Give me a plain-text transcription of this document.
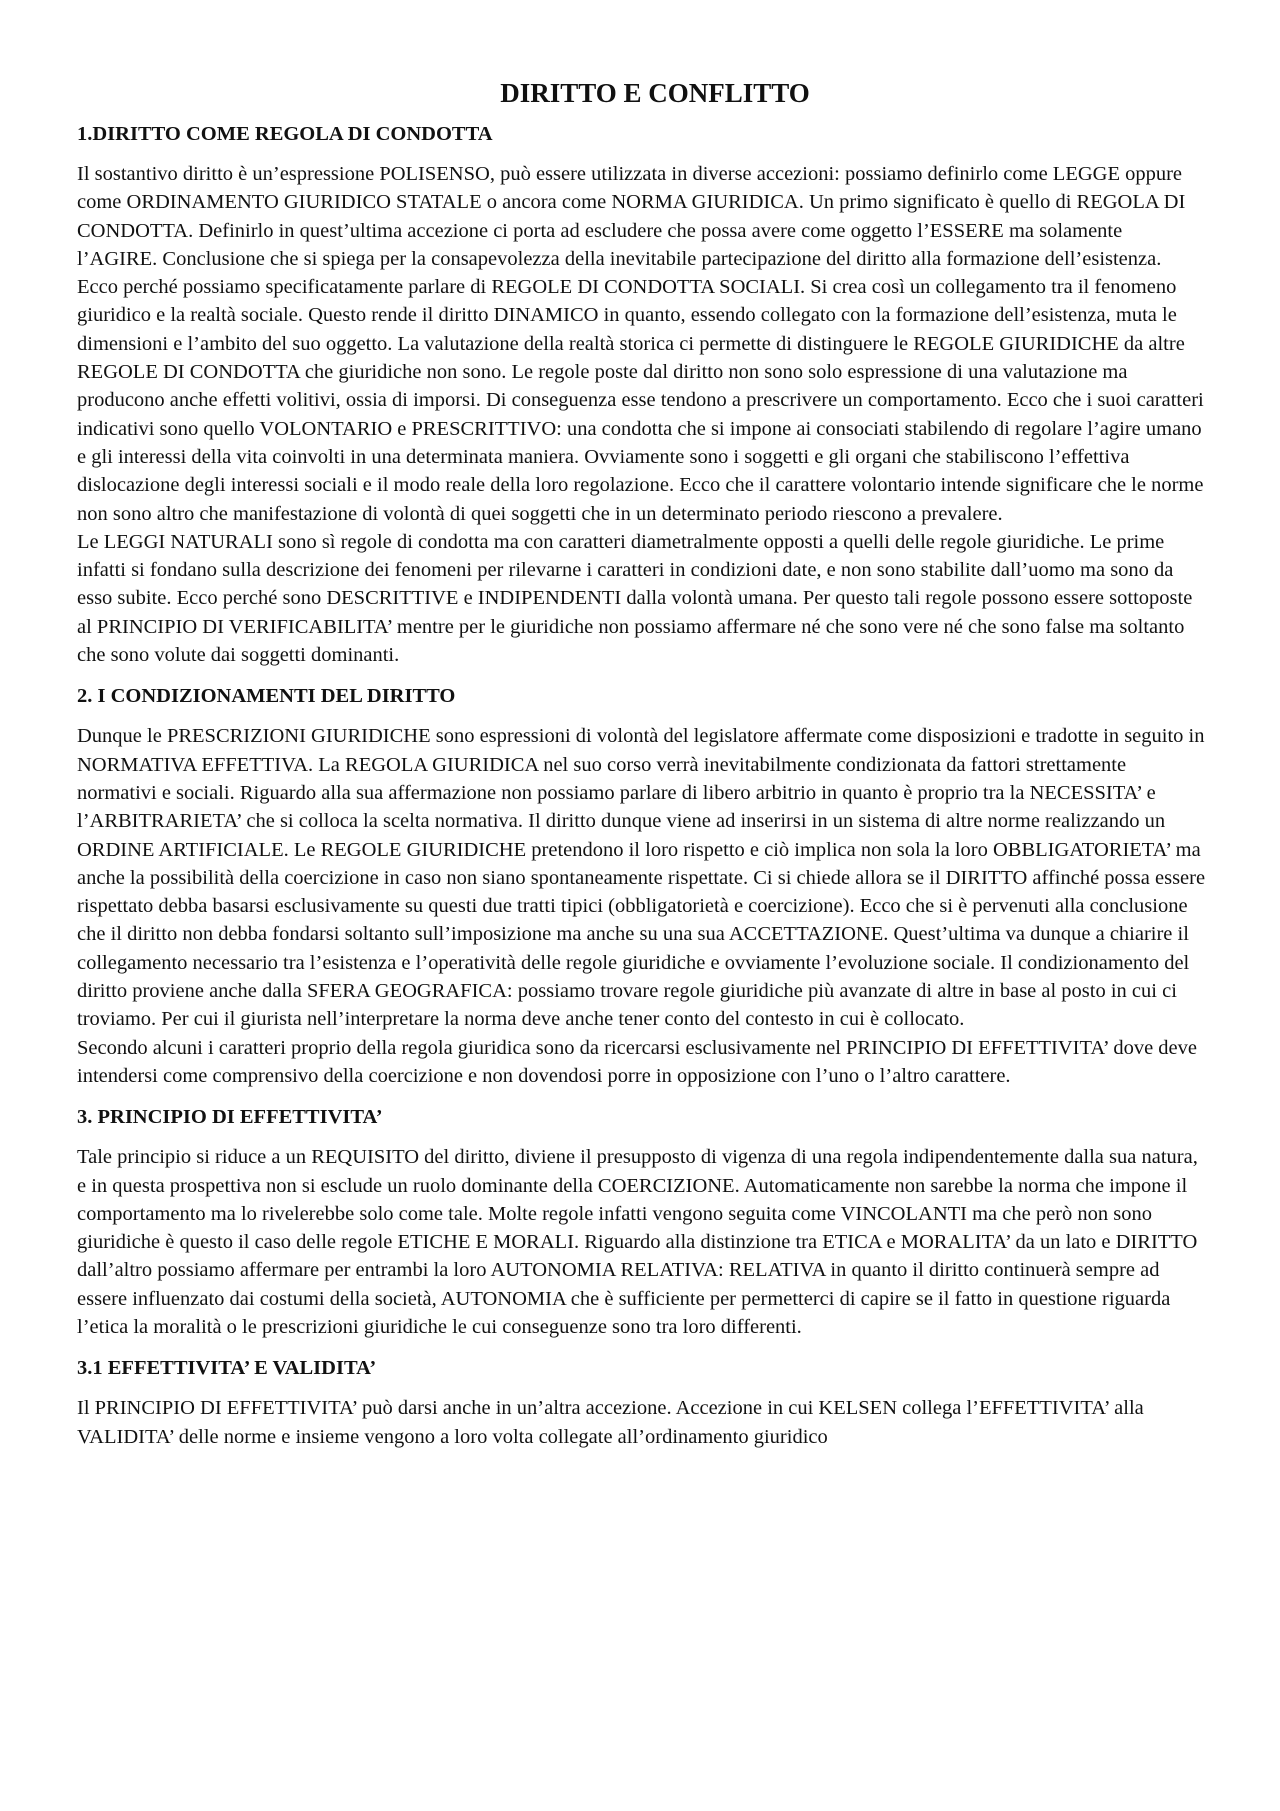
DIRITTO E CONFLITTO
1.DIRITTO COME REGOLA DI CONDOTTA

Il sostantivo diritto è un’espressione POLISENSO, può essere utilizzata in diverse accezioni: possiamo definirlo come LEGGE oppure come ORDINAMENTO GIURIDICO STATALE o ancora come NORMA GIURIDICA. Un primo significato è quello di REGOLA DI CONDOTTA. Definirlo in quest’ultima accezione ci porta ad escludere che possa avere come oggetto l’ESSERE ma solamente l’AGIRE. Conclusione che si spiega per la consapevolezza della inevitabile partecipazione del diritto alla formazione dell’esistenza. Ecco perché possiamo specificatamente parlare di REGOLE DI CONDOTTA SOCIALI. Si crea così un collegamento tra il fenomeno giuridico e la realtà sociale. Questo rende il diritto DINAMICO in quanto, essendo collegato con la formazione dell’esistenza, muta le dimensioni e l’ambito del suo oggetto. La valutazione della realtà storica ci permette di distinguere le REGOLE GIURIDICHE da altre REGOLE DI CONDOTTA che giuridiche non sono. Le regole poste dal diritto non sono solo espressione di una valutazione ma producono anche effetti volitivi, ossia di imporsi. Di conseguenza esse tendono a prescrivere un comportamento. Ecco che i suoi caratteri indicativi sono quello VOLONTARIO e PRESCRITTIVO: una condotta che si impone ai consociati stabilendo di regolare l’agire umano e gli interessi della vita coinvolti in una determinata maniera. Ovviamente sono i soggetti e gli organi che stabiliscono l’effettiva dislocazione degli interessi sociali e il modo reale della loro regolazione. Ecco che il carattere volontario intende significare che le norme non sono altro che manifestazione di volontà di quei soggetti che in un determinato periodo riescono a prevalere.

Le LEGGI NATURALI sono sì regole di condotta ma con caratteri diametralmente opposti a quelli delle regole giuridiche. Le prime infatti si fondano sulla descrizione dei fenomeni per rilevarne i caratteri in condizioni date, e non sono stabilite dall’uomo ma sono da esso subite. Ecco perché sono DESCRITTIVE e INDIPENDENTI dalla volontà umana. Per questo tali regole possono essere sottoposte al PRINCIPIO DI VERIFICABILITA’ mentre per le giuridiche non possiamo affermare né che sono vere né che sono false ma soltanto che sono volute dai soggetti dominanti.

2. I CONDIZIONAMENTI DEL DIRITTO

Dunque le PRESCRIZIONI GIURIDICHE sono espressioni di volontà del legislatore affermate come disposizioni e tradotte in seguito in NORMATIVA EFFETTIVA. La REGOLA GIURIDICA nel suo corso verrà inevitabilmente condizionata da fattori strettamente normativi e sociali. Riguardo alla sua affermazione non possiamo parlare di libero arbitrio in quanto è proprio tra la NECESSITA’ e l’ARBITRARIETA’ che si colloca la scelta normativa. Il diritto dunque viene ad inserirsi in un sistema di altre norme realizzando un ORDINE ARTIFICIALE. Le REGOLE GIURIDICHE pretendono il loro rispetto e ciò implica non sola la loro OBBLIGATORIETA’ ma anche la possibilità della coercizione in caso non siano spontaneamente rispettate. Ci si chiede allora se il DIRITTO affinché possa essere rispettato debba basarsi esclusivamente su questi due tratti tipici (obbligatorietà e coercizione). Ecco che si è pervenuti alla conclusione che il diritto non debba fondarsi soltanto sull’imposizione ma anche su una sua ACCETTAZIONE. Quest’ultima va dunque a chiarire il collegamento necessario tra l’esistenza e l’operatività delle regole giuridiche e ovviamente l’evoluzione sociale. Il condizionamento del diritto proviene anche dalla SFERA GEOGRAFICA: possiamo trovare regole giuridiche più avanzate di altre in base al posto in cui ci troviamo. Per cui il giurista nell’interpretare la norma deve anche tener conto del contesto in cui è collocato.

Secondo alcuni i caratteri proprio della regola giuridica sono da ricercarsi esclusivamente nel PRINCIPIO DI EFFETTIVITA’ dove deve intendersi come comprensivo della coercizione e non dovendosi porre in opposizione con l’uno o l’altro carattere.

3. PRINCIPIO DI EFFETTIVITA’

Tale principio si riduce a un REQUISITO del diritto, diviene il presupposto di vigenza di una regola indipendentemente dalla sua natura, e in questa prospettiva non si esclude un ruolo dominante della COERCIZIONE. Automaticamente non sarebbe la norma che impone il comportamento ma lo rivelerebbe solo come tale. Molte regole infatti vengono seguita come VINCOLANTI ma che però non sono giuridiche è questo il caso delle regole ETICHE E MORALI. Riguardo alla distinzione tra ETICA e MORALITA’ da un lato e DIRITTO dall’altro possiamo affermare per entrambi la loro AUTONOMIA RELATIVA: RELATIVA in quanto il diritto continuerà sempre ad essere influenzato dai costumi della società, AUTONOMIA che è sufficiente per permetterci di capire se il fatto in questione riguarda l’etica la moralità o le prescrizioni giuridiche le cui conseguenze sono tra loro differenti.

3.1 EFFETTIVITA’ E VALIDITA’

Il PRINCIPIO DI EFFETTIVITA’ può darsi anche in un’altra accezione. Accezione in cui KELSEN collega l’EFFETTIVITA’ alla VALIDITA’ delle norme e insieme vengono a loro volta collegate all’ordinamento giuridico
